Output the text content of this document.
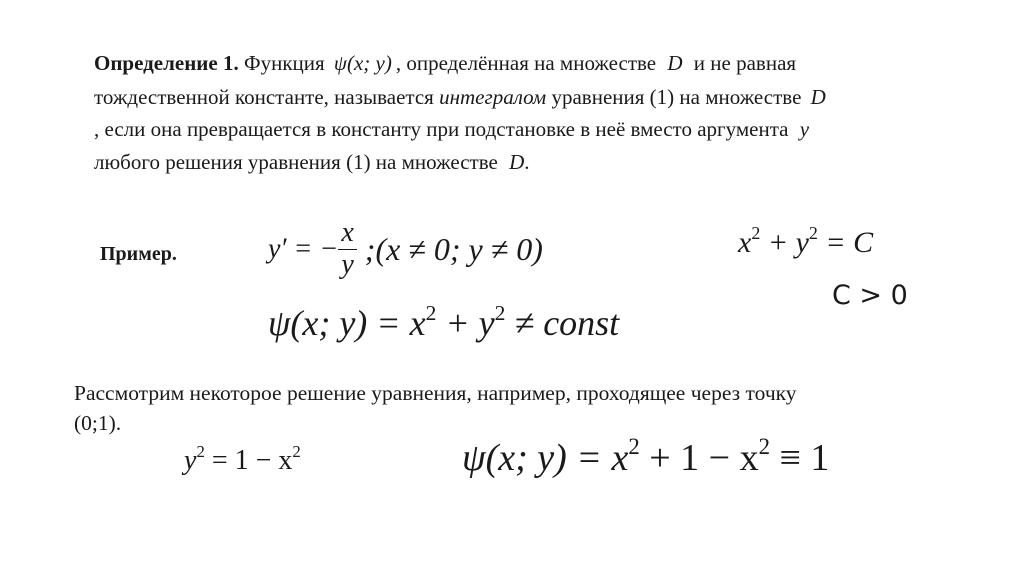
Определение 1. Функция ψ(x; y) , определённая на множестве D и не равная
тождественной константе, называется интегралом уравнения (1) на множестве D
, если она превращается в константу при подстановке в неё вместо аргумента y
любого решения уравнения (1) на множестве D.
Пример.	y′ = − $\frac{x}{y}$ ;(x ≠ 0; y ≠ 0)	$x^2 + y^2 = C$
C > 0
ψ(x; $y) = x^2 + y^2$ ≠ const
Рассмотрим некоторое решение уравнения, например, проходящее через точку
(0;1).
$y^2 = 1 - x^2$	ψ(x; $y) = x^2 + 1 - x^2 \equiv 1$
